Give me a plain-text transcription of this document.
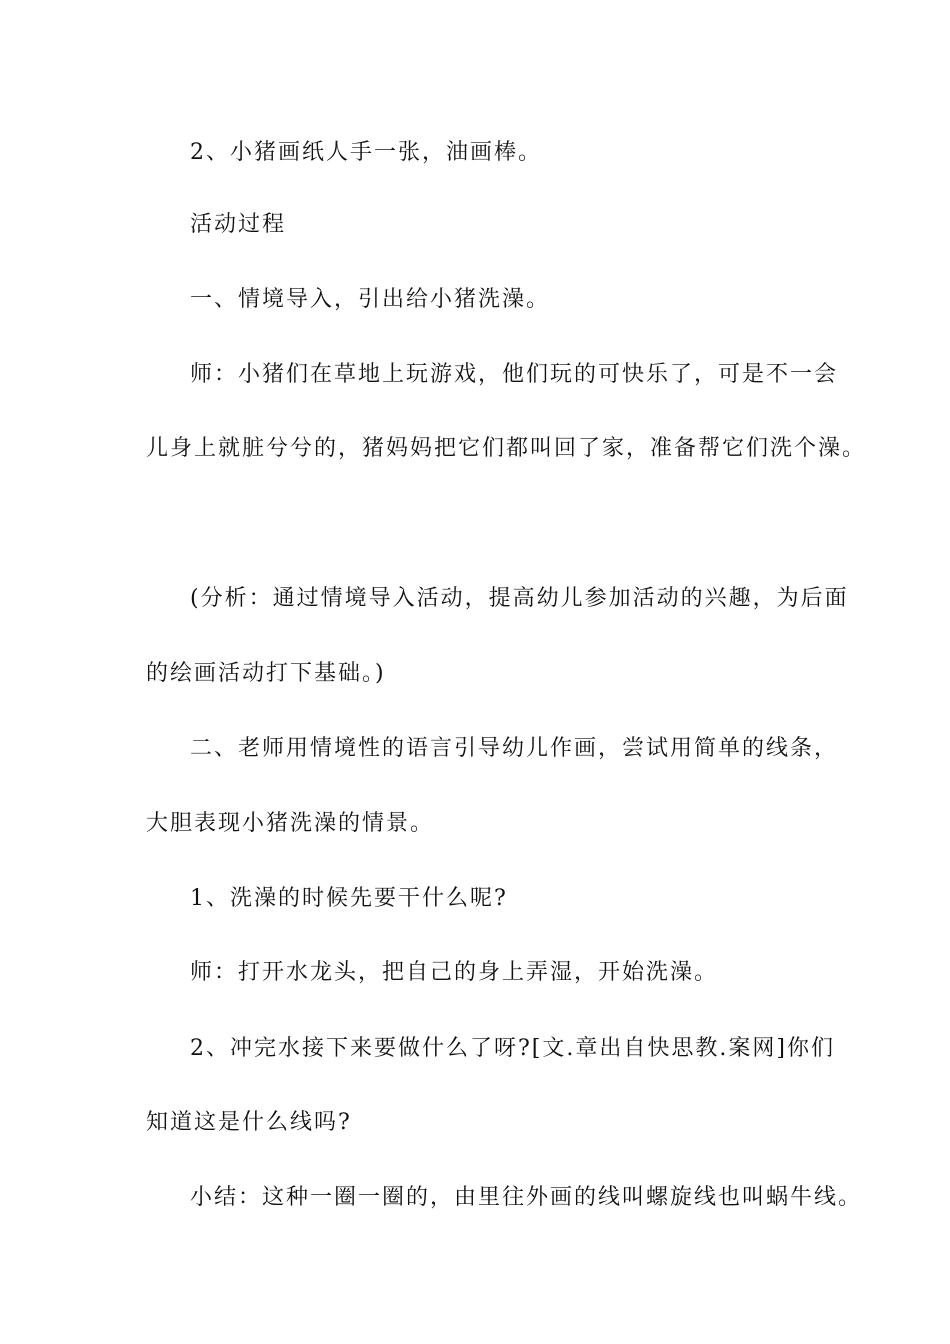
2、小猪画纸人手一张，油画棒。
活动过程
一、情境导入，引出给小猪洗澡。
师：小猪们在草地上玩游戏，他们玩的可快乐了，可是不一会
儿身上就脏兮兮的，猪妈妈把它们都叫回了家，准备帮它们洗个澡。
(分析：通过情境导入活动，提高幼儿参加活动的兴趣，为后面
的绘画活动打下基础。)
二、老师用情境性的语言引导幼儿作画，尝试用简单的线条，
大胆表现小猪洗澡的情景。
1、洗澡的时候先要干什么呢?
师：打开水龙头，把自己的身上弄湿，开始洗澡。
2、冲完水接下来要做什么了呀?[文.章出自快思教.案网]你们
知道这是什么线吗?
小结：这种一圈一圈的，由里往外画的线叫螺旋线也叫蜗牛线。
